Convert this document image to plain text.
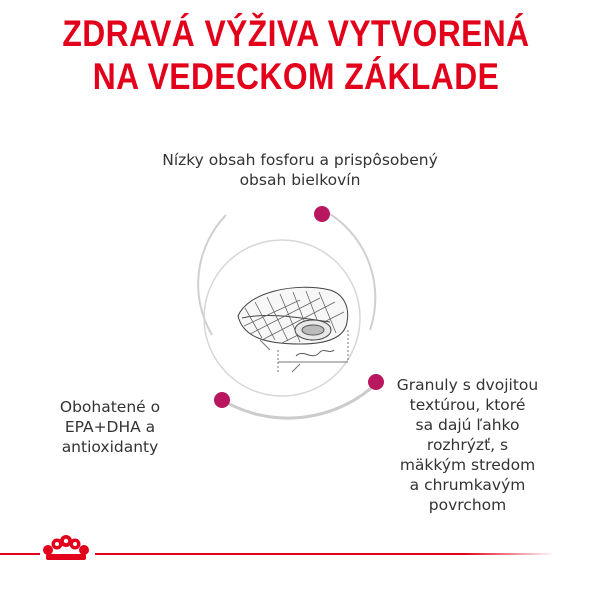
ZDRAVÁ VÝŽIVA VYTVORENÁ
NA VEDECKOM ZÁKLADE
Nízky obsah fosforu a prispôsobený
obsah bielkovín
Obohatené o
EPA+DHA a
antioxidanty
Granuly s dvojitou
textúrou, ktoré
sa dajú ľahko
rozhrýzť, s
mäkkým stredom
a chrumkavým
povrchom
